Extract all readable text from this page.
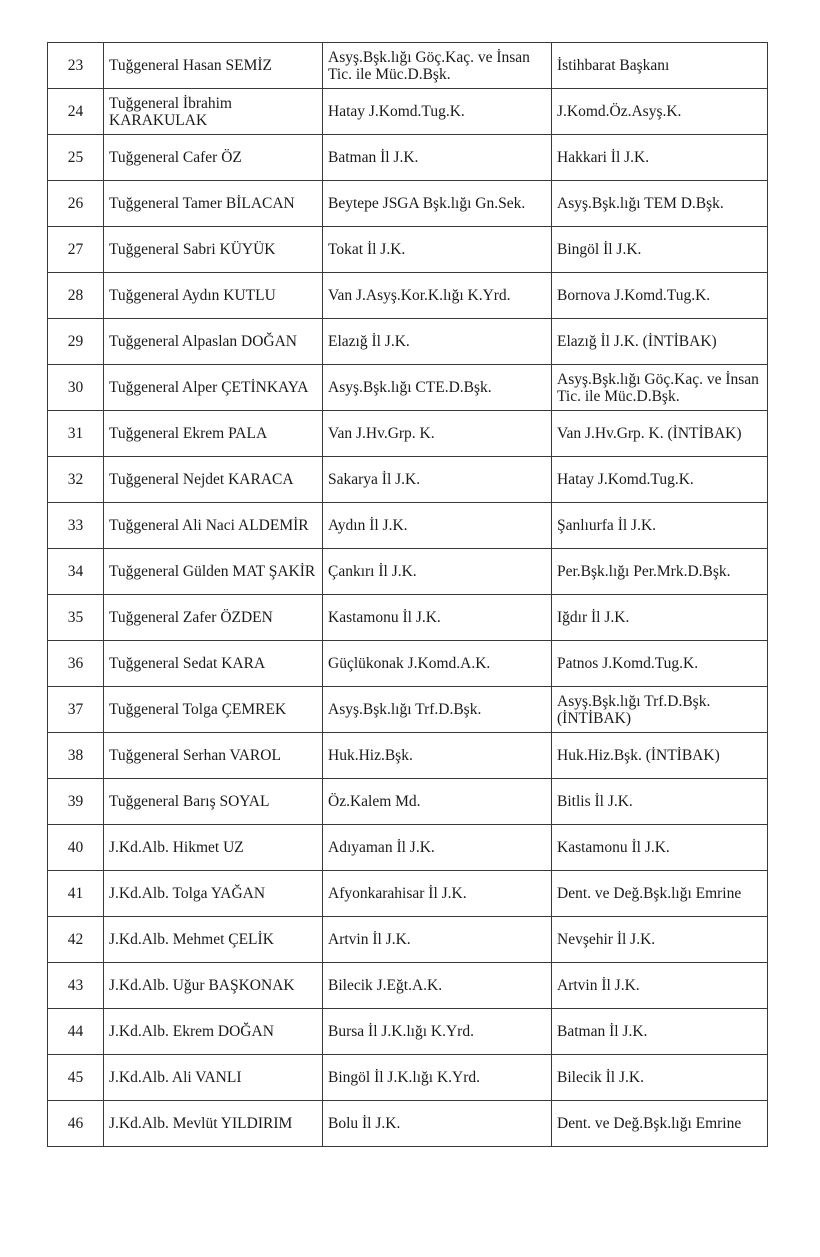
23	Tuğgeneral Hasan SEMİZ	Asyş.Bşk.lığı Göç.Kaç. ve İnsan Tic. ile Müc.D.Bşk.	İstihbarat Başkanı
24	Tuğgeneral İbrahim KARAKULAK	Hatay J.Komd.Tug.K.	J.Komd.Öz.Asyş.K.
25	Tuğgeneral Cafer ÖZ	Batman İl J.K.	Hakkari İl J.K.
26	Tuğgeneral Tamer BİLACAN	Beytepe JSGA Bşk.lığı Gn.Sek.	Asyş.Bşk.lığı TEM D.Bşk.
27	Tuğgeneral Sabri KÜYÜK	Tokat İl J.K.	Bingöl İl J.K.
28	Tuğgeneral Aydın KUTLU	Van J.Asyş.Kor.K.lığı K.Yrd.	Bornova J.Komd.Tug.K.
29	Tuğgeneral Alpaslan DOĞAN	Elazığ İl J.K.	Elazığ İl J.K. (İNTİBAK)
30	Tuğgeneral Alper ÇETİNKAYA	Asyş.Bşk.lığı CTE.D.Bşk.	Asyş.Bşk.lığı Göç.Kaç. ve İnsan Tic. ile Müc.D.Bşk.
31	Tuğgeneral Ekrem PALA	Van J.Hv.Grp. K.	Van J.Hv.Grp. K. (İNTİBAK)
32	Tuğgeneral Nejdet KARACA	Sakarya İl J.K.	Hatay J.Komd.Tug.K.
33	Tuğgeneral Ali Naci ALDEMİR	Aydın İl J.K.	Şanlıurfa İl J.K.
34	Tuğgeneral Gülden MAT ŞAKİR	Çankırı İl J.K.	Per.Bşk.lığı Per.Mrk.D.Bşk.
35	Tuğgeneral Zafer ÖZDEN	Kastamonu İl J.K.	Iğdır İl J.K.
36	Tuğgeneral Sedat KARA	Güçlükonak J.Komd.A.K.	Patnos J.Komd.Tug.K.
37	Tuğgeneral Tolga ÇEMREK	Asyş.Bşk.lığı Trf.D.Bşk.	Asyş.Bşk.lığı Trf.D.Bşk. (İNTİBAK)
38	Tuğgeneral Serhan VAROL	Huk.Hiz.Bşk.	Huk.Hiz.Bşk. (İNTİBAK)
39	Tuğgeneral Barış SOYAL	Öz.Kalem Md.	Bitlis İl J.K.
40	J.Kd.Alb. Hikmet UZ	Adıyaman İl J.K.	Kastamonu İl J.K.
41	J.Kd.Alb. Tolga YAĞAN	Afyonkarahisar İl J.K.	Dent. ve Değ.Bşk.lığı Emrine
42	J.Kd.Alb. Mehmet ÇELİK	Artvin İl J.K.	Nevşehir İl J.K.
43	J.Kd.Alb. Uğur BAŞKONAK	Bilecik J.Eğt.A.K.	Artvin İl J.K.
44	J.Kd.Alb. Ekrem DOĞAN	Bursa İl J.K.lığı K.Yrd.	Batman İl J.K.
45	J.Kd.Alb. Ali VANLI	Bingöl İl J.K.lığı K.Yrd.	Bilecik İl J.K.
46	J.Kd.Alb. Mevlüt YILDIRIM	Bolu İl J.K.	Dent. ve Değ.Bşk.lığı Emrine
